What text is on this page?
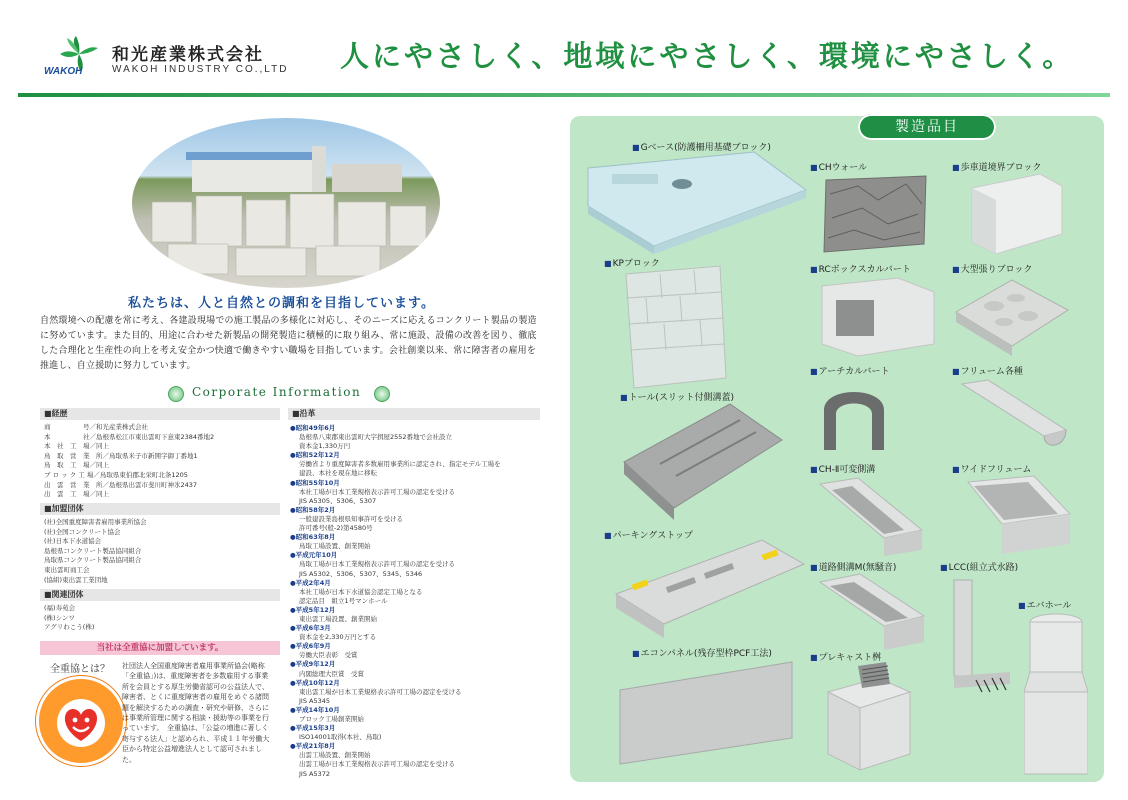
WAKOH
和光産業株式会社
WAKOH INDUSTRY CO.,LTD 人にやさしく、地域にやさしく、環境にやさしく。
私たちは、人と自然との調和を目指しています。
自然環境への配慮を常に考え、各建設現場での施工製品の多様化に対応し、そのニーズに応えるコンクリート製品の製造に努めています。また目的、用途に合わせた新製品の開発製造に積極的に取り組み、常に施設、設備の改善を図り、徹底した合理化と生産性の向上を考え安全かつ快適で働きやすい職場を目指しています。会社創業以来、常に障害者の雇用を推進し、自立援助に努力しています。
Corporate Information
■経歴
商　　　　　号／和光産業株式会社
本　　　　　社／島根県松江市東出雲町下意東2384番地2
本　社　工　場／同上
鳥　取　営　業　所／鳥取県米子市新開字御丁番地1
鳥　取　工　場／同上
ブ ロ ッ ク 工 場／鳥取県東伯郡北栄町北条1205
出　雲　営　業　所／島根県出雲市斐川町神氷2437
出　雲　工　場／同上
■加盟団体
(社)全国重度障害者雇用事業所協会
(社)全国コンクリート協会
(社)日本下水道協会
島根県コンクリート製品協同組合
鳥取県コンクリート製品協同組合
東出雲町商工会
(協組)東出雲工業団地
■関連団体
(福)寿苑会
(株)シンワ
アグリわこう(株)
■沿革
●昭和49年6月
島根県八束郡東出雲町大字揖屋2552番地で会社設立
資本金1,330万円
●昭和52年12月
労働省より重度障害者多数雇用事業所に認定され、指定モデル工場を
建設、本社を現在地に移転
●昭和55年10月
本社工場が日本工業規格表示許可工場の認定を受ける
JIS A5305、5306、5307
●昭和58年2月
一般建設業島根県知事許可を受ける
許可番号(般-2)第4580号
●昭和63年8月
鳥取工場設置、創業開始
●平成元年10月
鳥取工場が日本工業規格表示許可工場の認定を受ける
JIS A5302、5306、5307、5345、5346
●平成2年4月
本社工場が日本下水道協会認定工場となる
認定品目　組立1号マンホール
●平成5年12月
東出雲工場設置、創業開始
●平成6年3月
資本金を2,330万円とする
●平成6年9月
労働大臣表彰　受賞
●平成9年12月
内閣総理大臣賞　受賞
●平成10年12月
東出雲工場が日本工業規格表示許可工場の認定を受ける
JIS A5345
●平成14年10月
ブロック工場創業開始
●平成15年3月
ISO14001取得(本社、鳥取)
●平成21年8月
出雲工場設置、創業開始
出雲工場が日本工業規格表示許可工場の認定を受ける
JIS A5372
当社は全重協に加盟しています。
全重協とは？ 社団法人全国重度障害者雇用事業所協会(略称「全重協」)は、重度障害者を多数雇用する事業所を会員とする厚生労働省認可の公益法人で、障害者、とくに重度障害者の雇用をめぐる諸問題を解決するための調査・研究や研修、さらには事業所管理に関する相談・援助等の事業を行っています。　全重協は、「公益の増進に著しく寄与する法人」と認められ、平成１１年労働大臣から特定公益増進法人として認可されました。
製造品目
■ Gベース(防護柵用基礎ブロック)
■ CHウォール	■ 歩車道境界ブロック
■ KPブロック
■ RCボックスカルバート	■ 大型張りブロック
■ アーチカルバート	■ フリューム各種
■ トール(スリット付側溝蓋)
■ CH-Ⅱ可変側溝	■ ワイドフリューム
■ パーキングストップ
■ 道路側溝M(無騒音)	■ LCC(組立式水路)
■ エバホール
■ エコンパネル(残存型枠PCF工法)	■ プレキャスト桝
